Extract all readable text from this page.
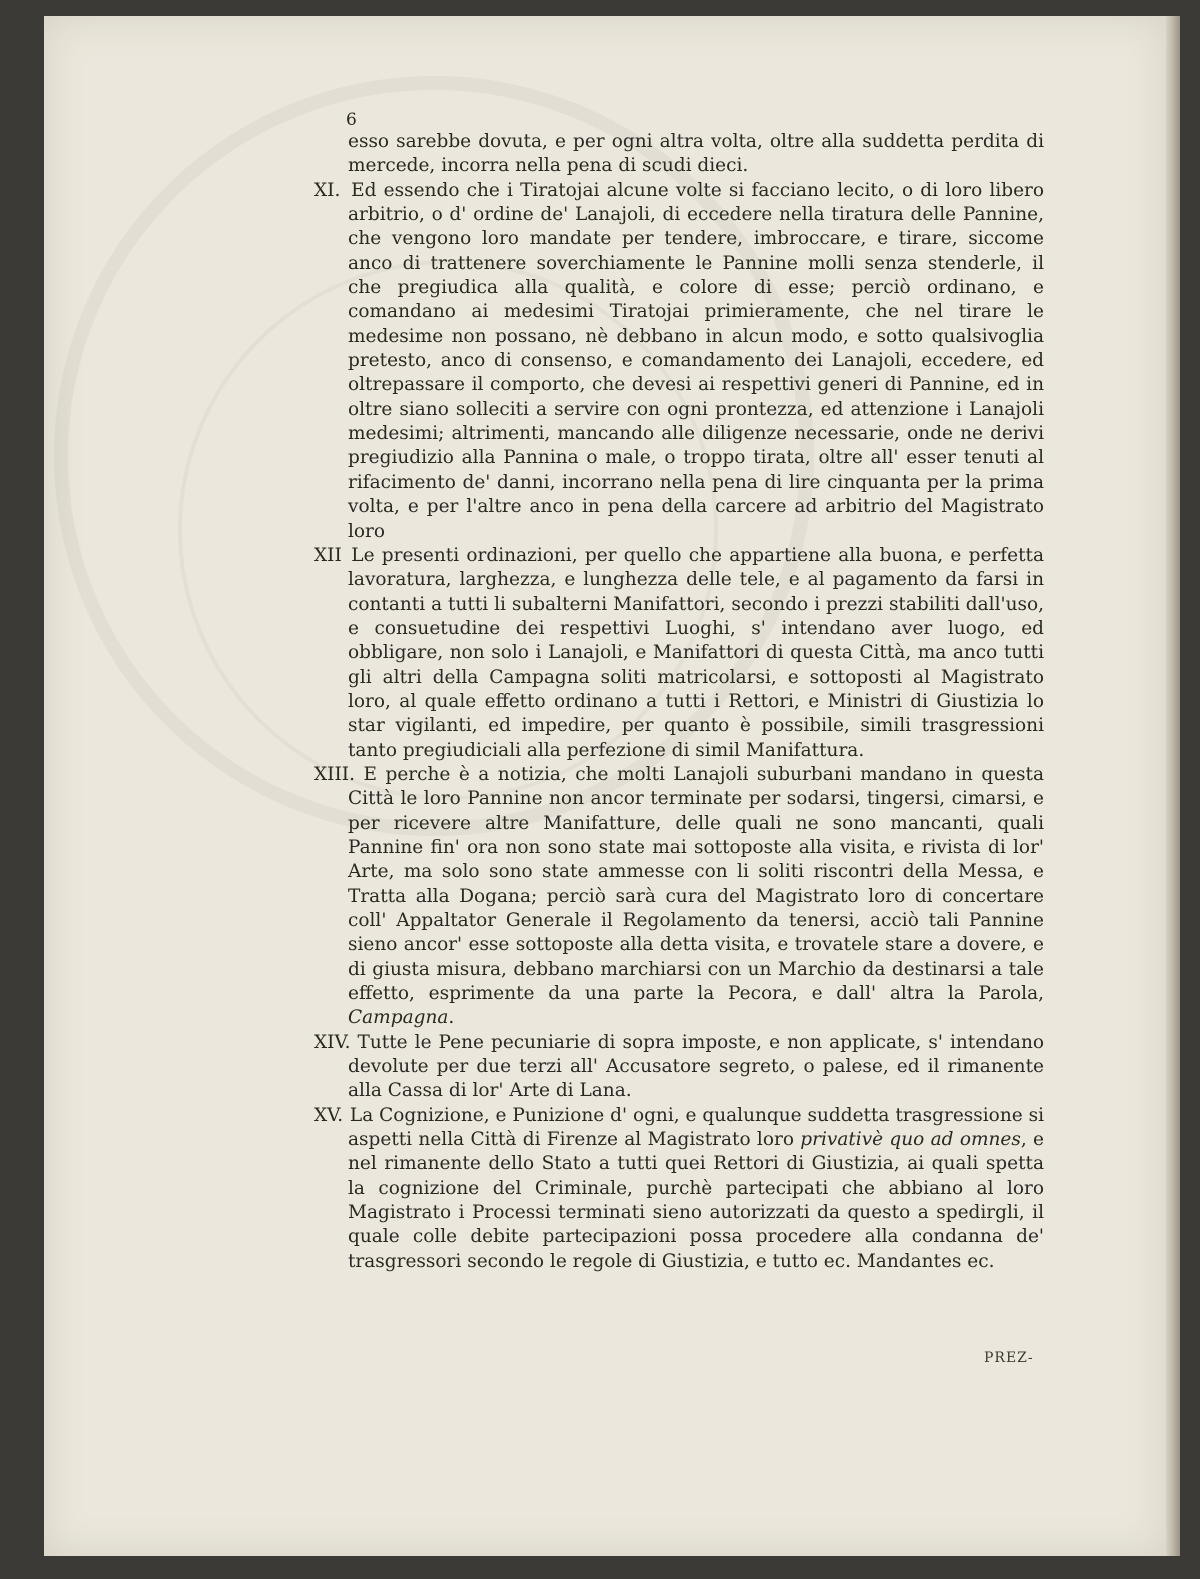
6

esso sarebbe dovuta, e per ogni altra volta, oltre alla suddetta perdita di mercede, incorra nella pena di scudi dieci.

XI. Ed essendo che i Tiratojai alcune volte si facciano lecito, o di loro libero arbitrio, o d' ordine de' Lanajoli, di eccedere nella tiratura delle Pannine, che vengono loro mandate per tendere, imbroccare, e tirare, siccome anco di trattenere soverchiamente le Pannine molli senza stenderle, il che pregiudica alla qualità, e colore di esse; perciò ordinano, e comandano ai medesimi Tiratojai primieramente, che nel tirare le medesime non possano, nè debbano in alcun modo, e sotto qualsivoglia pretesto, anco di consenso, e comandamento dei Lanajoli, eccedere, ed oltrepassare il comporto, che devesi ai respettivi generi di Pannine, ed in oltre siano solleciti a servire con ogni prontezza, ed attenzione i Lanajoli medesimi; altrimenti, mancando alle diligenze necessarie, onde ne derivi pregiudizio alla Pannina o male, o troppo tirata, oltre all' esser tenuti al rifacimento de' danni, incorrano nella pena di lire cinquanta per la prima volta, e per l'altre anco in pena della carcere ad arbitrio del Magistrato loro

XII Le presenti ordinazioni, per quello che appartiene alla buona, e perfetta lavoratura, larghezza, e lunghezza delle tele, e al pagamento da farsi in contanti a tutti li subalterni Manifattori, secondo i prezzi stabiliti dall'uso, e consuetudine dei respettivi Luoghi, s' intendano aver luogo, ed obbligare, non solo i Lanajoli, e Manifattori di questa Città, ma anco tutti gli altri della Campagna soliti matricolarsi, e sottoposti al Magistrato loro, al quale effetto ordinano a tutti i Rettori, e Ministri di Giustizia lo star vigilanti, ed impedire, per quanto è possibile, simili trasgressioni tanto pregiudiciali alla perfezione di simil Manifattura.

XIII. E perche è a notizia, che molti Lanajoli suburbani mandano in questa Città le loro Pannine non ancor terminate per sodarsi, tingersi, cimarsi, e per ricevere altre Manifatture, delle quali ne sono mancanti, quali Pannine fin' ora non sono state mai sottoposte alla visita, e rivista di lor' Arte, ma solo sono state ammesse con li soliti riscontri della Messa, e Tratta alla Dogana; perciò sarà cura del Magistrato loro di concertare coll' Appaltator Generale il Regolamento da tenersi, acciò tali Pannine sieno ancor' esse sottoposte alla detta visita, e trovatele stare a dovere, e di giusta misura, debbano marchiarsi con un Marchio da destinarsi a tale effetto, esprimente da una parte la Pecora, e dall' altra la Parola, Campagna.

XIV. Tutte le Pene pecuniarie di sopra imposte, e non applicate, s' intendano devolute per due terzi all' Accusatore segreto, o palese, ed il rimanente alla Cassa di lor' Arte di Lana.

XV. La Cognizione, e Punizione d' ogni, e qualunque suddetta trasgressione si aspetti nella Città di Firenze al Magistrato loro privativè quo ad omnes, e nel rimanente dello Stato a tutti quei Rettori di Giustizia, ai quali spetta la cognizione del Criminale, purchè partecipati che abbiano al loro Magistrato i Processi terminati sieno autorizzati da questo a spedirgli, il quale colle debite partecipazioni possa procedere alla condanna de' trasgressori secondo le regole di Giustizia, e tutto ec. Mandantes ec.

PREZ-
